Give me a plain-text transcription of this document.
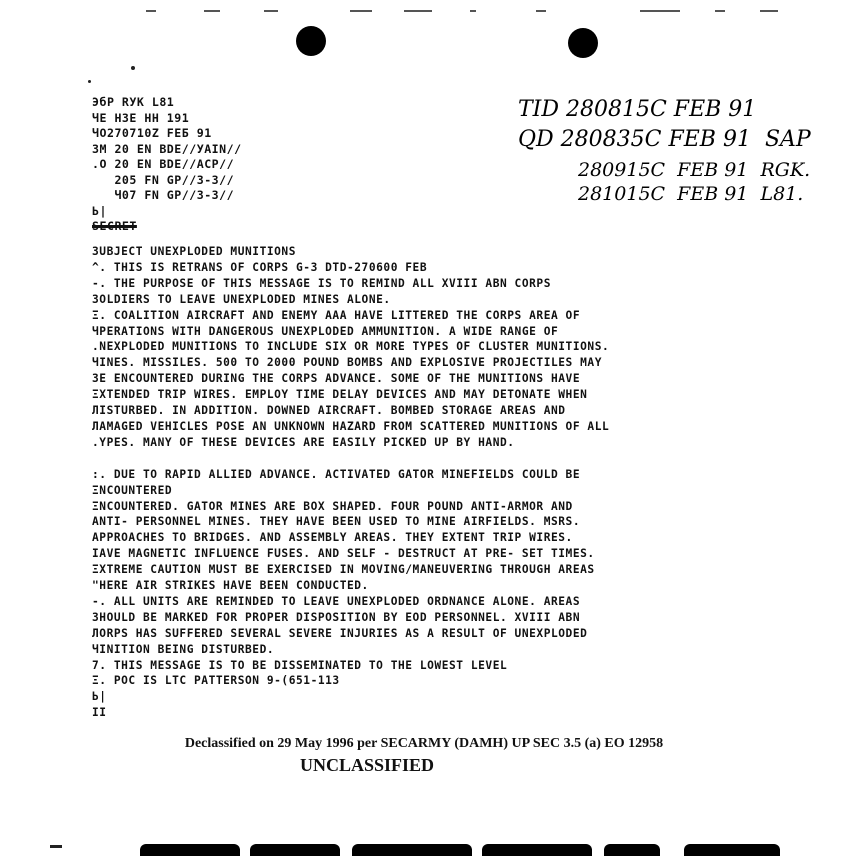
ЭбР RУК L81
ЧЕ НЗЕ НН 191
ЧО270710Z FEБ 91
ЗМ 20 ЕN ВDЕ//УАІN//
.О 20 ЕN ВDЕ//АСР//
205 FN GP//3-3//
Ч07 FN GP//3-3//
Ь|
SECRET
TID 280815C FEB 91
QD 280835C FEB 91  SAP
280915C  FEB 91  RGK.
281015C  FEB 91  L81.
ЗUBJECT UNEXPLODED MUNITIONS
^. THIS IS RETRANS OF CORPS G-3 DTD-270600 FEB
-. THE PURPOSE OF THIS MESSAGE IS TO REMIND ALL XVIII ABN CORPS
ЗOLDIERS TO LEAVE UNEXPLODED MINES ALONE.
Ξ. COALITION AIRCRAFT AND ENEMY AAA HAVE LITTERED THE CORPS AREA OF
ЧPERATIONS WITH DANGEROUS UNEXPLODED AMMUNITION. A WIDE RANGE OF
.NEXPLODED MUNITIONS TO INCLUDE SIX OR MORE TYPES OF CLUSTER MUNITIONS.
ЧINES. MISSILES. 500 TO 2000 POUND BOMBS AND EXPLOSIVE PROJECTILES MAY
ЗE ENCOUNTERED DURING THE CORPS ADVANCE. SOME OF THE MUNITIONS HAVE
ΞXTENDED TRIP WIRES. EMPLOY TIME DELAY DEVICES AND MAY DETONATE WHEN
ЛISTURBED. IN ADDITION. DOWNED AIRCRAFT. BOMBED STORAGE AREAS AND
ЛAMAGED VEHICLES POSE AN UNKNOWN HAZARD FROM SCATTERED MUNITIONS OF ALL
.YPES. MANY OF THESE DEVICES ARE EASILY PICKED UP BY HAND.

:. DUE TO RAPID ALLIED ADVANCE. ACTIVATED GATOR MINEFIELDS COULD BE
ΞNCOUNTERED
ΞNCOUNTERED. GATOR MINES ARE BOX SHAPED. FOUR POUND ANTI-ARMOR AND
ANTI- PERSONNEL MINES. THEY HAVE BEEN USED TO MINE AIRFIELDS. MSRS.
APPROACHES TO BRIDGES. AND ASSEMBLY AREAS. THEY EXTENT TRIP WIRES.
ΙAVE MAGNETIC INFLUENCE FUSES. AND SELF - DESTRUCT AT PRE- SET TIMES.
ΞXTREME CAUTION MUST BE EXERCISED IN MOVING/MANEUVERING THROUGH AREAS
"HERE AIR STRIKES HAVE BEEN CONDUCTED.
-. ALL UNITS ARE REMINDED TO LEAVE UNEXPLODED ORDNANCE ALONE. AREAS
ЗHOULD BE MARKED FOR PROPER DISPOSITION BY EOD PERSONNEL. XVIII ABN
ЛORPS HAS SUFFERED SEVERAL SEVERE INJURIES AS A RESULT OF UNEXPLODED
ЧINITION BEING DISTURBED.
7. THIS MESSAGE IS TO BE DISSEMINATED TO THE LOWEST LEVEL
Ξ. POC IS LTC PATTERSON 9-(651-113
Ь|
ΙΙ
Declassified on 29 May 1996 per SECARMY (DAMH) UP SEC 3.5 (a) EO 12958
UNCLASSIFIED
